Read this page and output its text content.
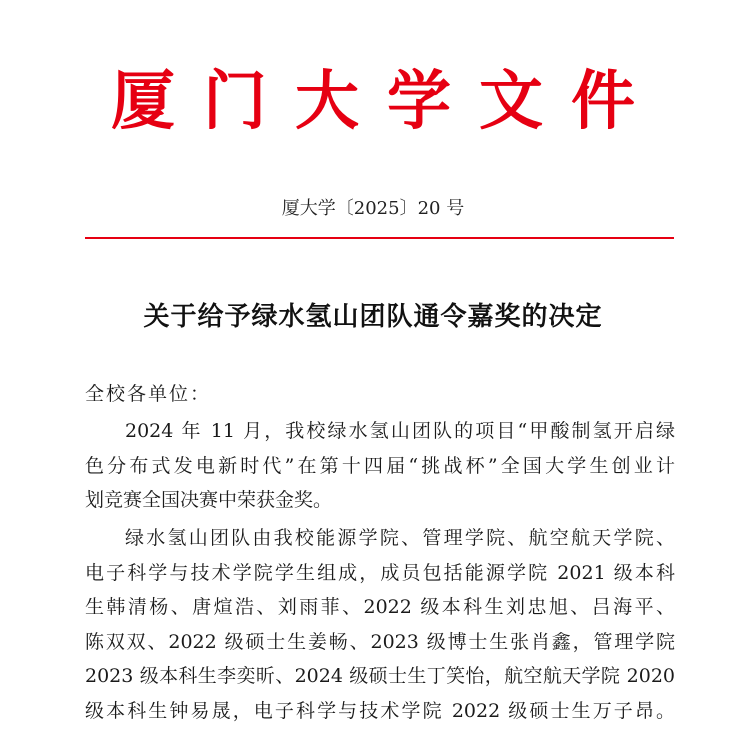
厦门大学文件
厦大学〔2025〕20 号
关于给予绿水氢山团队通令嘉奖的决定
全校各单位：
2024 年 11 月，我校绿水氢山团队的项目“甲酸制氢开启绿
色分布式发电新时代”在第十四届“挑战杯”全国大学生创业计
划竞赛全国决赛中荣获金奖。
绿水氢山团队由我校能源学院、管理学院、航空航天学院、
电子科学与技术学院学生组成，成员包括能源学院 2021 级本科
生韩清杨、唐煊浩、刘雨菲、2022 级本科生刘忠旭、吕海平、
陈双双、2022 级硕士生姜畅、2023 级博士生张肖鑫，管理学院
2023 级本科生李奕昕、2024 级硕士生丁笑怡，航空航天学院 2020
级本科生钟易晟，电子科学与技术学院 2022 级硕士生万子昂。
